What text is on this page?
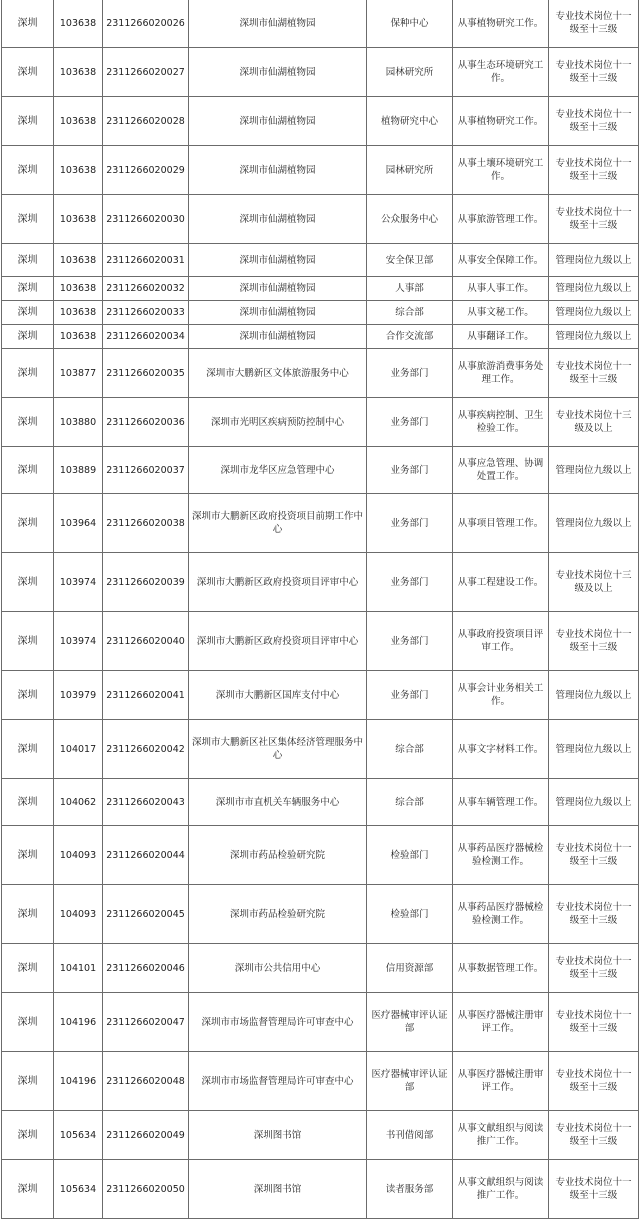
深圳	103638	2311266020026	深圳市仙湖植物园	保种中心	从事植物研究工作。	专业技术岗位十一级至十三级
深圳	103638	2311266020027	深圳市仙湖植物园	园林研究所	从事生态环境研究工作。	专业技术岗位十一级至十三级
深圳	103638	2311266020028	深圳市仙湖植物园	植物研究中心	从事植物研究工作。	专业技术岗位十一级至十三级
深圳	103638	2311266020029	深圳市仙湖植物园	园林研究所	从事土壤环境研究工作。	专业技术岗位十一级至十三级
深圳	103638	2311266020030	深圳市仙湖植物园	公众服务中心	从事旅游管理工作。	专业技术岗位十一级至十三级
深圳	103638	2311266020031	深圳市仙湖植物园	安全保卫部	从事安全保障工作。	管理岗位九级以上
深圳	103638	2311266020032	深圳市仙湖植物园	人事部	从事人事工作。	管理岗位九级以上
深圳	103638	2311266020033	深圳市仙湖植物园	综合部	从事文秘工作。	管理岗位九级以上
深圳	103638	2311266020034	深圳市仙湖植物园	合作交流部	从事翻译工作。	管理岗位九级以上
深圳	103877	2311266020035	深圳市大鹏新区文体旅游服务中心	业务部门	从事旅游消费事务处理工作。	专业技术岗位十一级至十三级
深圳	103880	2311266020036	深圳市光明区疾病预防控制中心	业务部门	从事疾病控制、卫生检验工作。	专业技术岗位十三级及以上
深圳	103889	2311266020037	深圳市龙华区应急管理中心	业务部门	从事应急管理、协调处置工作。	管理岗位九级以上
深圳	103964	2311266020038	深圳市大鹏新区政府投资项目前期工作中心	业务部门	从事项目管理工作。	管理岗位九级以上
深圳	103974	2311266020039	深圳市大鹏新区政府投资项目评审中心	业务部门	从事工程建设工作。	专业技术岗位十三级及以上
深圳	103974	2311266020040	深圳市大鹏新区政府投资项目评审中心	业务部门	从事政府投资项目评审工作。	专业技术岗位十一级至十三级
深圳	103979	2311266020041	深圳市大鹏新区国库支付中心	业务部门	从事会计业务相关工作。	管理岗位九级以上
深圳	104017	2311266020042	深圳市大鹏新区社区集体经济管理服务中心	综合部	从事文字材料工作。	管理岗位九级以上
深圳	104062	2311266020043	深圳市市直机关车辆服务中心	综合部	从事车辆管理工作。	管理岗位九级以上
深圳	104093	2311266020044	深圳市药品检验研究院	检验部门	从事药品医疗器械检验检测工作。	专业技术岗位十一级至十三级
深圳	104093	2311266020045	深圳市药品检验研究院	检验部门	从事药品医疗器械检验检测工作。	专业技术岗位十一级至十三级
深圳	104101	2311266020046	深圳市公共信用中心	信用资源部	从事数据管理工作。	专业技术岗位十一级至十三级
深圳	104196	2311266020047	深圳市市场监督管理局许可审查中心	医疗器械审评认证部	从事医疗器械注册审评工作。	专业技术岗位十一级至十三级
深圳	104196	2311266020048	深圳市市场监督管理局许可审查中心	医疗器械审评认证部	从事医疗器械注册审评工作。	专业技术岗位十一级至十三级
深圳	105634	2311266020049	深圳图书馆	书刊借阅部	从事文献组织与阅读推广工作。	专业技术岗位十一级至十三级
深圳	105634	2311266020050	深圳图书馆	读者服务部	从事文献组织与阅读推广工作。	专业技术岗位十一级至十三级
